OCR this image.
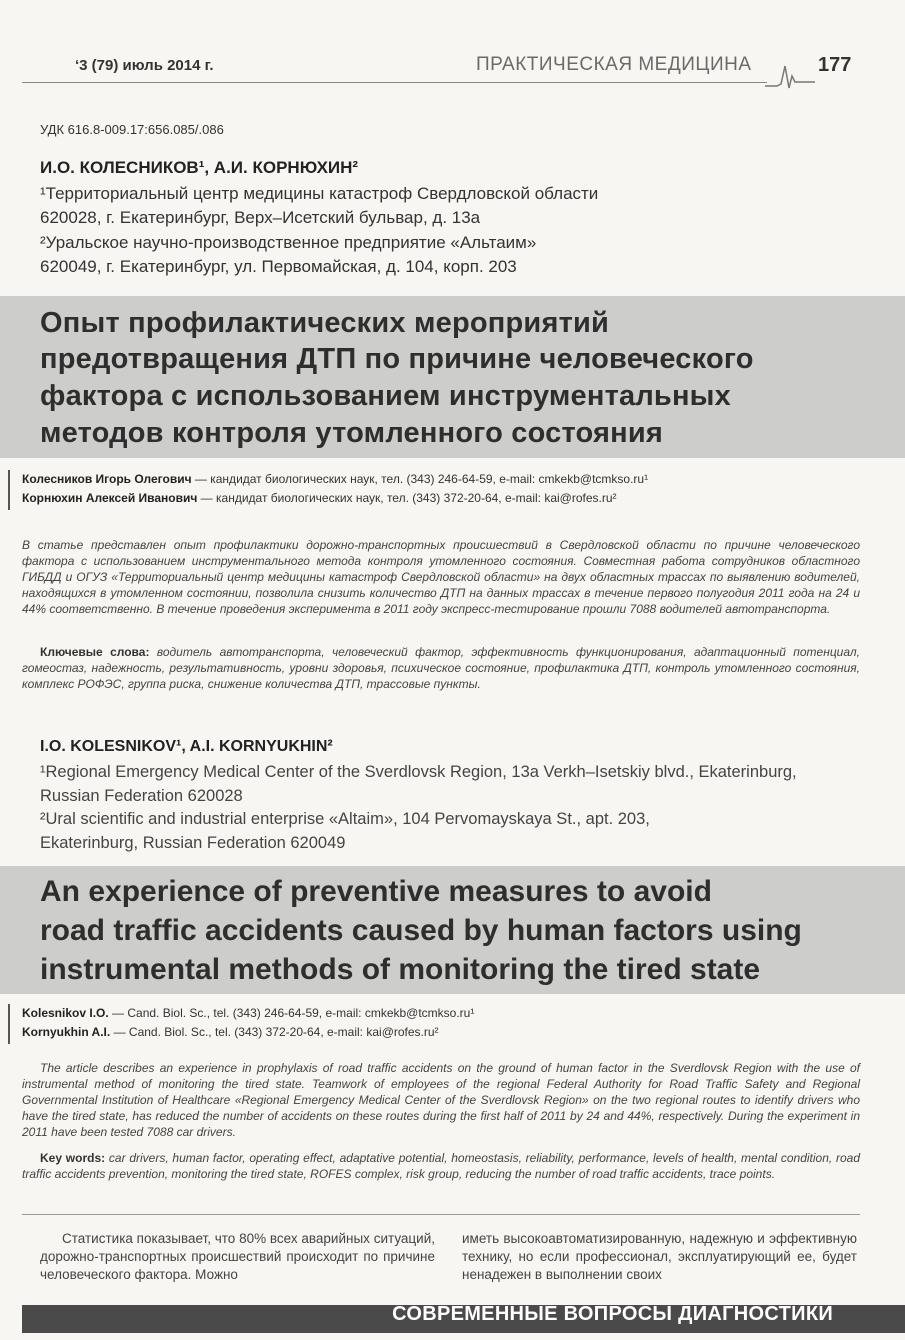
‘3 (79) июль 2014 г.	ПРАКТИЧЕСКАЯ МЕДИЦИНА	177
УДК 616.8-009.17:656.085/.086
И.О. КОЛЕСНИКОВ¹, А.И. КОРНЮХИН²
¹Территориальный центр медицины катастроф Свердловской области
620028, г. Екатеринбург, Верх–Исетский бульвар, д. 13а
²Уральское научно-производственное предприятие «Альтаим»
620049, г. Екатеринбург, ул. Первомайская, д. 104, корп. 203
Опыт профилактических мероприятий
предотвращения ДТП по причине человеческого
фактора с использованием инструментальных
методов контроля утомленного состояния
Колесников Игорь Олегович — кандидат биологических наук, тел. (343) 246-64-59, e-mail: cmkekb@tcmkso.ru¹
Корнюхин Алексей Иванович — кандидат биологических наук, тел. (343) 372-20-64, e-mail: kai@rofes.ru²
В статье представлен опыт профилактики дорожно-транспортных происшествий в Свердловской области по причине человеческого фактора с использованием инструментального метода контроля утомленного состояния. Совместная работа сотрудников областного ГИБДД и ОГУЗ «Территориальный центр медицины катастроф Свердловской области» на двух областных трассах по выявлению водителей, находящихся в утомленном состоянии, позволила снизить количество ДТП на данных трассах в течение первого полугодия 2011 года на 24 и 44% соответственно. В течение проведения эксперимента в 2011 году экспресс-тестирование прошли 7088 водителей автотранспорта.
Ключевые слова: водитель автотранспорта, человеческий фактор, эффективность функционирования, адаптационный потенциал, гомеостаз, надежность, результативность, уровни здоровья, психическое состояние, профилактика ДТП, контроль утомленного состояния, комплекс РОФЭС, группа риска, снижение количества ДТП, трассовые пункты.
I.O. KOLESNIKOV¹, A.I. KORNYUKHIN²
¹Regional Emergency Medical Center of the Sverdlovsk Region, 13a Verkh–Isetskiy blvd., Ekaterinburg,
Russian Federation 620028
²Ural scientific and industrial enterprise «Altaim», 104 Pervomayskaya St., apt. 203,
Ekaterinburg, Russian Federation 620049
An experience of preventive measures to avoid
road traffic accidents caused by human factors using
instrumental methods of monitoring the tired state
Kolesnikov I.O. — Cand. Biol. Sc., tel. (343) 246-64-59, e-mail: cmkekb@tcmkso.ru¹
Kornyukhin A.I. — Cand. Biol. Sc., tel. (343) 372-20-64, e-mail: kai@rofes.ru²
The article describes an experience in prophylaxis of road traffic accidents on the ground of human factor in the Sverdlovsk Region with the use of instrumental method of monitoring the tired state. Teamwork of employees of the regional Federal Authority for Road Traffic Safety and Regional Governmental Institution of Healthcare «Regional Emergency Medical Center of the Sverdlovsk Region» on the two regional routes to identify drivers who have the tired state, has reduced the number of accidents on these routes during the first half of 2011 by 24 and 44%, respectively. During the experiment in 2011 have been tested 7088 car drivers.
Key words: car drivers, human factor, operating effect, adaptative potential, homeostasis, reliability, performance, levels of health, mental condition, road traffic accidents prevention, monitoring the tired state, ROFES complex, risk group, reducing the number of road traffic accidents, trace points.
Статистика показывает, что 80% всех аварийных ситуаций, дорожно-транспортных происшествий происходит по причине человеческого фактора. Можно
иметь высокоавтоматизированную, надежную и эффективную технику, но если профессионал, эксплуатирующий ее, будет ненадежен в выполнении своих
СОВРЕМЕННЫЕ ВОПРОСЫ ДИАГНОСТИКИ
